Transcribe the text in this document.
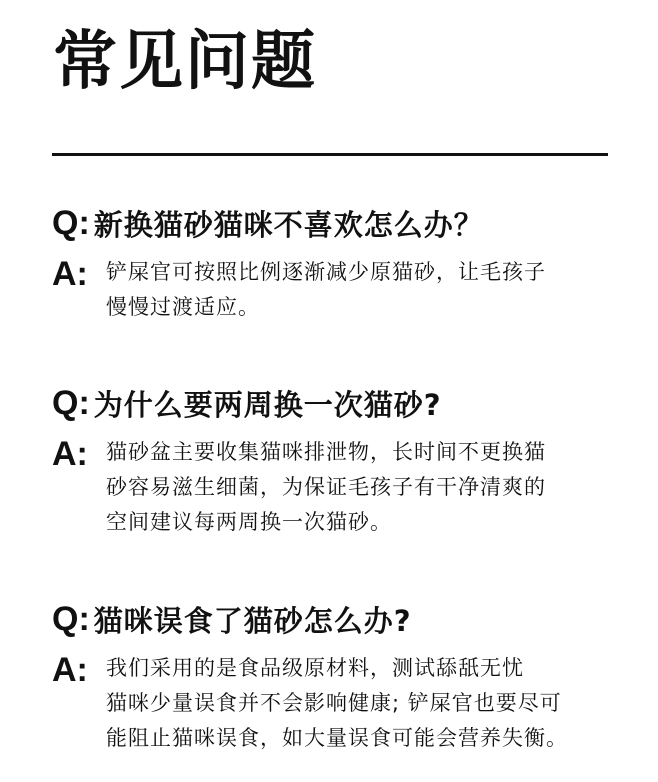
常见问题
Q: 新换猫砂猫咪不喜欢怎么办？
A: 铲屎官可按照比例逐渐减少原猫砂，让毛孩子
慢慢过渡适应。
Q: 为什么要两周换一次猫砂?
A: 猫砂盆主要收集猫咪排泄物，长时间不更换猫
砂容易滋生细菌，为保证毛孩子有干净清爽的
空间建议每两周换一次猫砂。
Q: 猫咪误食了猫砂怎么办?
A: 我们采用的是食品级原材料，测试舔舐无忧
猫咪少量误食并不会影响健康; 铲屎官也要尽可
能阻止猫咪误食，如大量误食可能会营养失衡。
